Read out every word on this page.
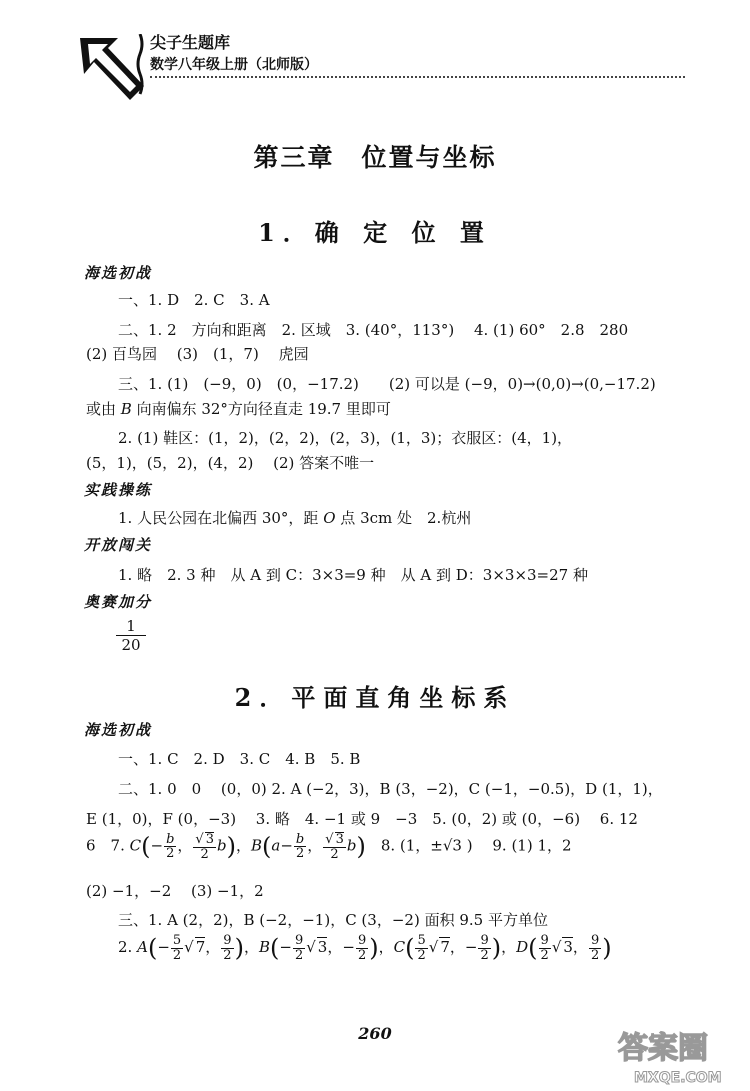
尖子生题库
数学八年级上册（北师版）
第三章　位置与坐标
1．确 定 位 置
海选初战
一、1. D　2. C　3. A
二、1. 2　方向和距离　2. 区域　3. (40°，113°)　 4. (1) 60°　2.8　280
(2) 百鸟园　 (3)　(1，7)　 虎园
三、1. (1)　(−9，0)　(0，−17.2)　　(2) 可以是 (−9，0)→(0,0)→(0,−17.2)
或由 B 向南偏东 32°方向径直走 19.7 里即可
2. (1) 鞋区：(1，2)，(2，2)，(2，3)，(1，3)；衣服区：(4，1)，
(5，1)，(5，2)，(4，2)　 (2) 答案不唯一
实践操练
1. 人民公园在北偏西 30°，距 O 点 3cm 处　2.杭州
开放闯关
1. 略　2. 3 种　从 A 到 C：3×3=9 种　从 A 到 D：3×3×3=27 种
奥赛加分
$\frac{1}{20}$
2．平面直角坐标系
海选初战
一、1. C　2. D　3. C　4. B　5. B
二、1. 0　0　 (0，0) 2. A (−2，3)，B (3，−2)，C (−1，−0.5)，D (1，1)，
E (1，0)，F (0，−3)　 3. 略　4. −1 或 9　−3　5. (0，2) 或 (0，−6)　 6. 12
6　7. $C(- \frac{b}{2}$ ， $\frac{√ 3}{2} b$)，$B(a- \frac{b}{2}$ ， $\frac{√ 3}{2} b$)　8. (1，±√3 )　 9. (1) 1，2
(2) −1，−2　 (3) −1，2
三、1. A (2，2)，B (−2，−1)，C (3，−2) 面积 9.5 平方单位
2. $A(- \frac{5}{2}$ √ 7， $\frac{9}{2}$ )，$B(- \frac{9}{2}$ √ 3，− $\frac{9}{2}$ )，$C( \frac{5}{2}$ √ 7，− $\frac{9}{2}$ )，$D( \frac{9}{2}$ √ 3， $\frac{9}{2}$ )
260	答案圈
MXQE.COM
